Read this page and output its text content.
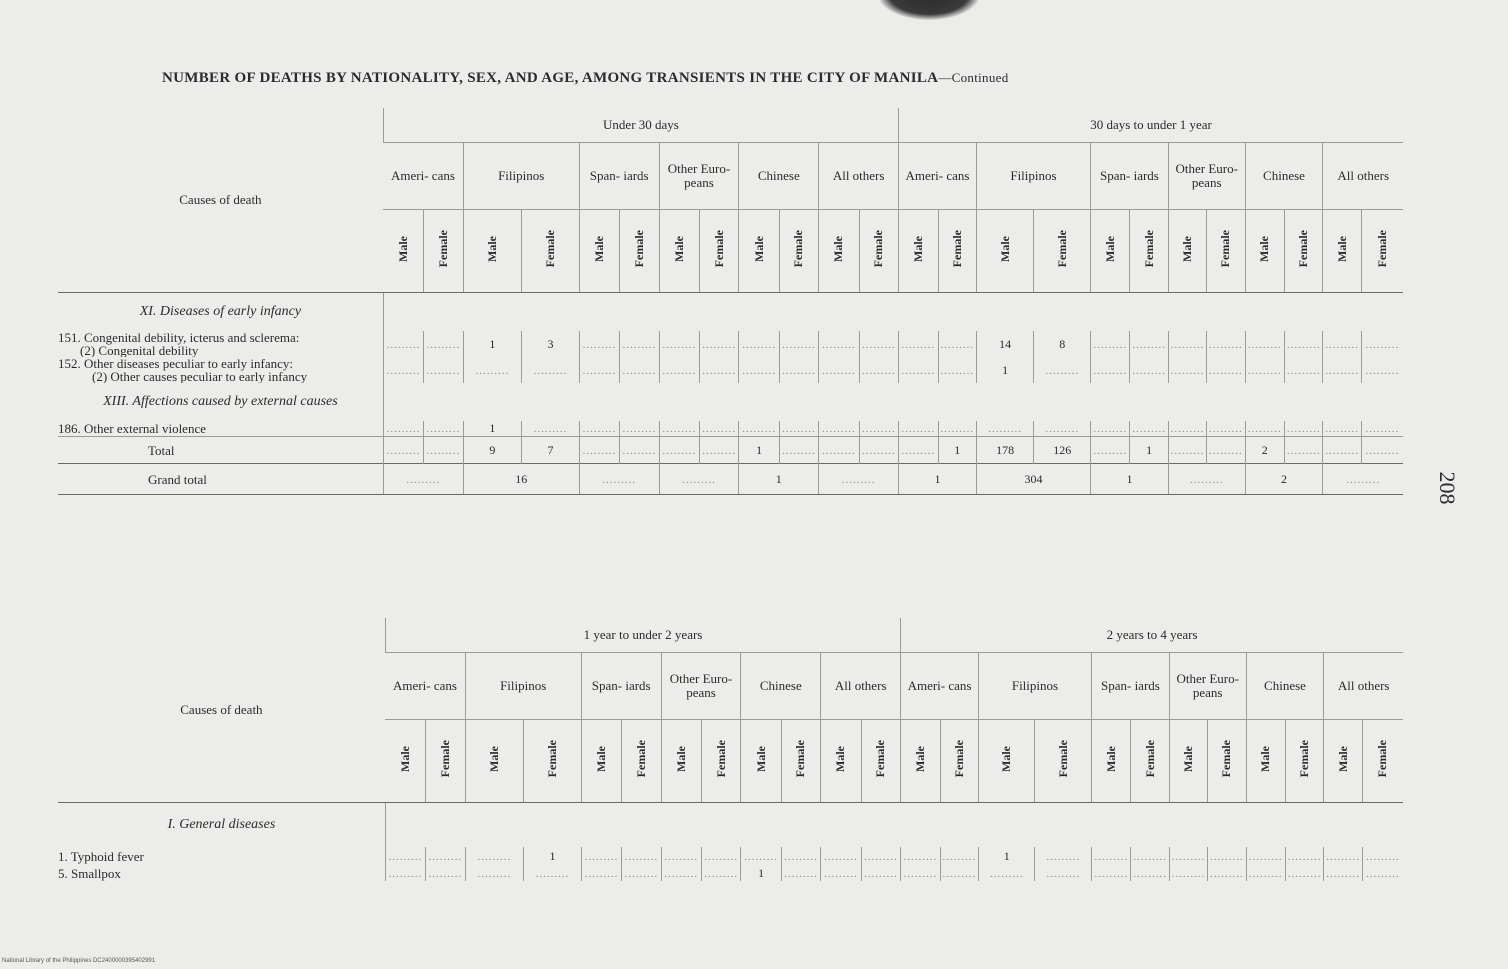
NUMBER OF DEATHS BY NATIONALITY, SEX, AND AGE, AMONG TRANSIENTS IN THE CITY OF MANILA—Continued
208
Causes of death	Under 30 days												30 days to under 1 year											
	Ameri- cans		Filipinos		Span- iards		Other Euro- peans		Chinese		All others		Ameri- cans		Filipinos		Span- iards		Other Euro- peans		Chinese		All others	
	Male	Female	Male	Female	Male	Female	Male	Female	Male	Female	Male	Female	Male	Female	Male	Female	Male	Female	Male	Female	Male	Female	Male	Female
XI. Diseases of early infancy																								

151. Congenital debility, icterus and sclerema:
(2) Congenital debility	.........	.........	1	3	.........	.........	.........	.........	.........	.........	.........	.........	.........	.........	14	8	.........	.........	.........	.........	.........	.........	.........	.........

152. Other diseases peculiar to early infancy:
(2) Other causes peculiar to early infancy	.........	.........	.........	.........	.........	.........	.........	.........	.........	.........	.........	.........	.........	.........	1	.........	.........	.........	.........	.........	.........	.........	.........	.........
XIII. Affections caused by external causes																								
186. Other external violence	.........	.........	1	.........	.........	.........	.........	.........	.........	.........	.........	.........	.........	.........	.........	.........	.........	.........	.........	.........	.........	.........	.........	.........
Total	.........	.........	9	7	.........	.........	.........	.........	1	.........	.........	.........	.........	1	178	126	.........	1	.........	.........	2	.........	.........	.........
Grand total	.........		16		.........		.........		1		.........		1		304		1		.........		2		.........	
Causes of death	1 year to under 2 years												2 years to 4 years											
	Ameri- cans		Filipinos		Span- iards		Other Euro- peans		Chinese		All others		Ameri- cans		Filipinos		Span- iards		Other Euro- peans		Chinese		All others	
	Male	Female	Male	Female	Male	Female	Male	Female	Male	Female	Male	Female	Male	Female	Male	Female	Male	Female	Male	Female	Male	Female	Male	Female
I. General diseases																								
1. Typhoid fever	.........	.........	.........	1	.........	.........	.........	.........	.........	.........	.........	.........	.........	.........	1	.........	.........	.........	.........	.........	.........	.........	.........	.........
5. Smallpox	.........	.........	.........	.........	.........	.........	.........	.........	1	.........	.........	.........	.........	.........	.........	.........	.........	.........	.........	.........	.........	.........	.........	.........
National Library of the Philippines DC2400000395402991
